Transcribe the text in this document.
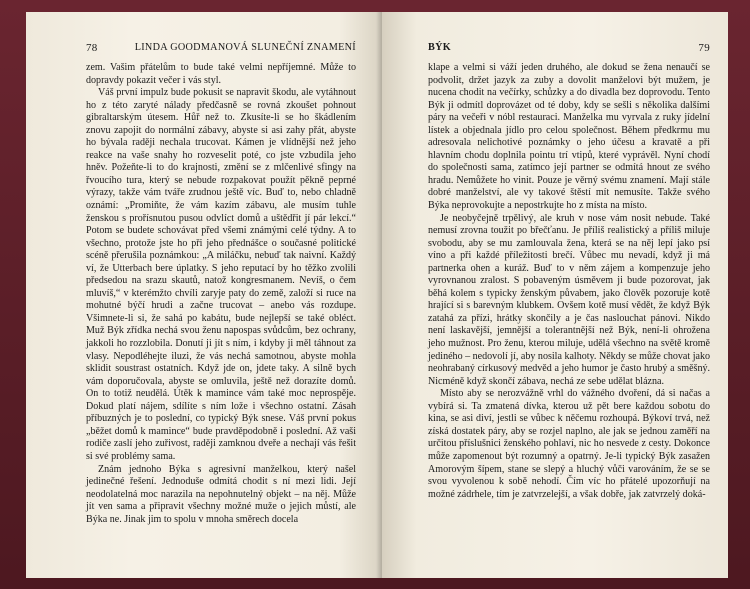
78	LINDA GOODMANOVÁ SLUNEČNÍ ZNAMENÍ

zem. Vašim přátelům to bude také velmi nepříjemné. Může to dopravdy pokazit večer i vás styl.

Váš první impulz bude pokusit se napravit škodu, ale vytáhnout ho z této zaryté nálady předčasně se rovná zkoušet pohnout gibraltarským útesem. Hůř než to. Zkusíte-li se ho škádlením znovu zapojit do normální zábavy, abyste si asi zahy přát, abyste ho bývala raději nechala trucovat. Kámen je vlídnější než jeho reakce na vaše snahy ho rozveselit poté, co jste vzbudila jeho hněv. Požeňte-li to do krajnosti, změní se z mlčenlivé sfingy na řvoucího tura, který se nebude rozpakovat použít pěkně peprné výrazy, takže vám tváře zrudnou ještě víc. Buď to, nebo chladně oznámí: „Promiňte, že vám kazím zábavu, ale musím tuhle ženskou s prořísnutou pusou odvlíct domů a uštědřit jí pár lekcí.“ Potom se budete schovávat před všemi známými celé týdny. A to všechno, protože jste ho při jeho přednášce o současné politické scéně přerušila poznámkou: „A miláčku, nebuď tak naivní. Každý ví, že Utterbach bere úplatky. S jeho reputací by ho těžko zvolili předsedou na srazu skautů, natož kongresmanem. Nevíš, o čem mluvíš,“ v kterémžto chvíli zaryje paty do země, založí si ruce na mohutné býčí hrudi a začne trucovat – anebo vás rozdupe. Všimnete-li si, že sahá po kabátu, bude nejlepší se také obléct. Muž Býk zřídka nechá svou ženu napospas svůdcům, bez ochrany, jakkoli ho rozzlobila. Donutí ji jít s ním, i kdyby ji měl táhnout za vlasy. Nepodléhejte iluzi, že vás nechá samotnou, abyste mohla sklidit soustrast ostatních. Když jde on, jdete taky. A silně bych vám doporučovala, abyste se omluvila, ještě než dorazíte domů. On to totiž neudělá. Útěk k mamince vám také moc neprospěje. Dokud platí nájem, sdílíte s ním lože i všechno ostatní. Zásah příbuzných je to poslední, co typický Býk snese. Váš první pokus „běžet domů k mamince“ bude pravděpodobně i poslední. Až vaši rodiče zaslí jeho zuřivost, raději zamknou dveře a nechají vás řešit si své problémy sama.

Znám jednoho Býka s agresivní manželkou, který našel jedinečné řešení. Jednoduše odmítá chodit s ní mezi lidi. Její neodolatelná moc narazila na nepohnutelný objekt – na něj. Může jít ven sama a připravit všechny možné muže o jejich můstí, ale Býka ne. Jinak jim to spolu v mnoha směrech docela

BÝK	79

klape a velmi si váží jeden druhého, ale dokud se žena nenaučí se podvolit, držet jazyk za zuby a dovolit manželovi být mužem, je nucena chodit na večírky, schůzky a do divadla bez doprovodu. Tento Býk ji odmítl doprovázet od té doby, kdy se sešli s několika dalšími páry na večeři v nóbl restauraci. Manželka mu vyrvala z ruky jídelní lístek a objednala jídlo pro celou společnost. Během předkrmu mu adresovala nelichotivé poznámky o jeho účesu a kravatě a při hlavním chodu doplnila pointu trí vtipů, které vyprávěl. Nyní chodí do společnosti sama, zatímco její partner se odmítá hnout ze svého hradu. Nemůžete ho vinit. Pouze je věrný svému znamení. Mají stále dobré manželství, ale vy takové štěstí mít nemusíte. Takže svého Býka neprovokujte a nepostrkujte ho z místa na místo.

Je neobyčejně trpělivý, ale kruh v nose vám nosit nebude. Také nemusí zrovna toužit po břečťanu. Je příliš realistický a příliš miluje svobodu, aby se mu zamlouvala žena, která se na něj lepí jako psí víno a při každé příležitosti brečí. Vůbec mu nevadí, když ji má partnerka ohen a kuráž. Buď to v něm zájem a kompenzuje jeho vyrovnanou zralost. S pobaveným úsměvem ji bude pozorovat, jak běhá kolem s typicky ženským půvabem, jako člověk pozoruje kotě hrající si s barevným klubkem. Ovšem kotě musí vědět, že když Býk zatahá za přízi, hrátky skončily a je čas naslouchat pánovi. Nikdo není laskavější, jemnější a tolerantnější než Býk, není-li ohrožena jeho mužnost. Pro ženu, kterou miluje, udělá všechno na světě kromě jediného – nedovolí jí, aby nosila kalhoty. Někdy se může chovat jako neohrabaný církusový medvěd a jeho humor je často hrubý a směšný. Nicméně když skončí zábava, nechá ze sebe udělat blázna.

Místo aby se nerozvážně vrhl do vážného dvoření, dá si načas a vybírá si. Ta zmatená dívka, kterou už pět bere každou sobotu do kina, se asi diví, jestli se vůbec k něčemu rozhoupá. Býkoví trvá, než získá dostatek páry, aby se rozjel naplno, ale jak se jednou zaměří na určitou příslušnici ženského pohlaví, nic ho nesvede z cesty. Dokonce může zapomenout být rozumný a opatrný. Je-li typický Býk zasažen Amorovým šípem, stane se slepý a hluchý vůči varováním, že se se svou vyvolenou k sobě nehodí. Čím víc ho přátelé upozorňují na možné zádrhele, tím je zatvrzelejší, a však dobře, jak zatvrzelý doká-
